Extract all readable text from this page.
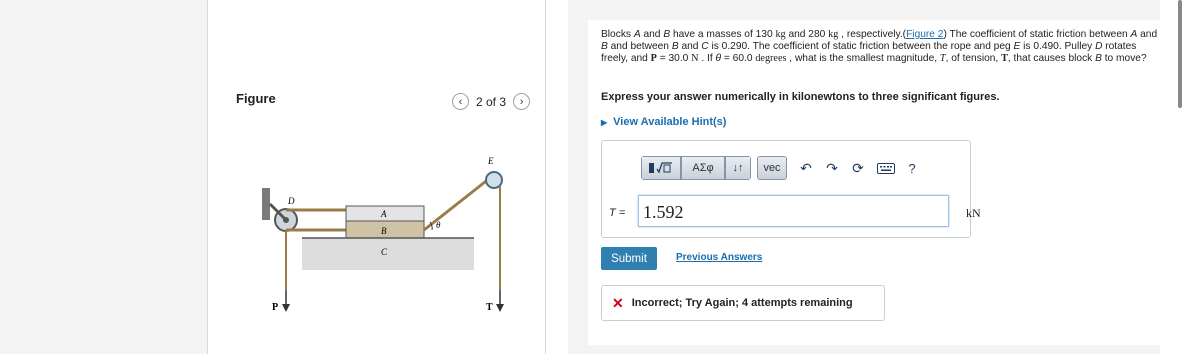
Figure	‹	2 of 3	›
D
P
A
B
C
θ
E
T
Blocks A and B have a masses of 130 kg and 280 kg , respectively.(Figure 2) The coefficient of static friction between A and B and between B and C is 0.290. The coefficient of static friction between the rope and peg E is 0.490. Pulley D rotates freely, and P = 30.0 N . If θ = 60.0 degrees , what is the smallest magnitude, T, of tension, T, that causes block B to move?
Express your answer numerically in kilonewtons to three significant figures.
▶ View Available Hint(s)
ΑΣφ	↓↑	vec	↶	↷	⟳	?
T = 1.592	kN
Submit	Previous Answers
✕ Incorrect; Try Again; 4 attempts remaining
